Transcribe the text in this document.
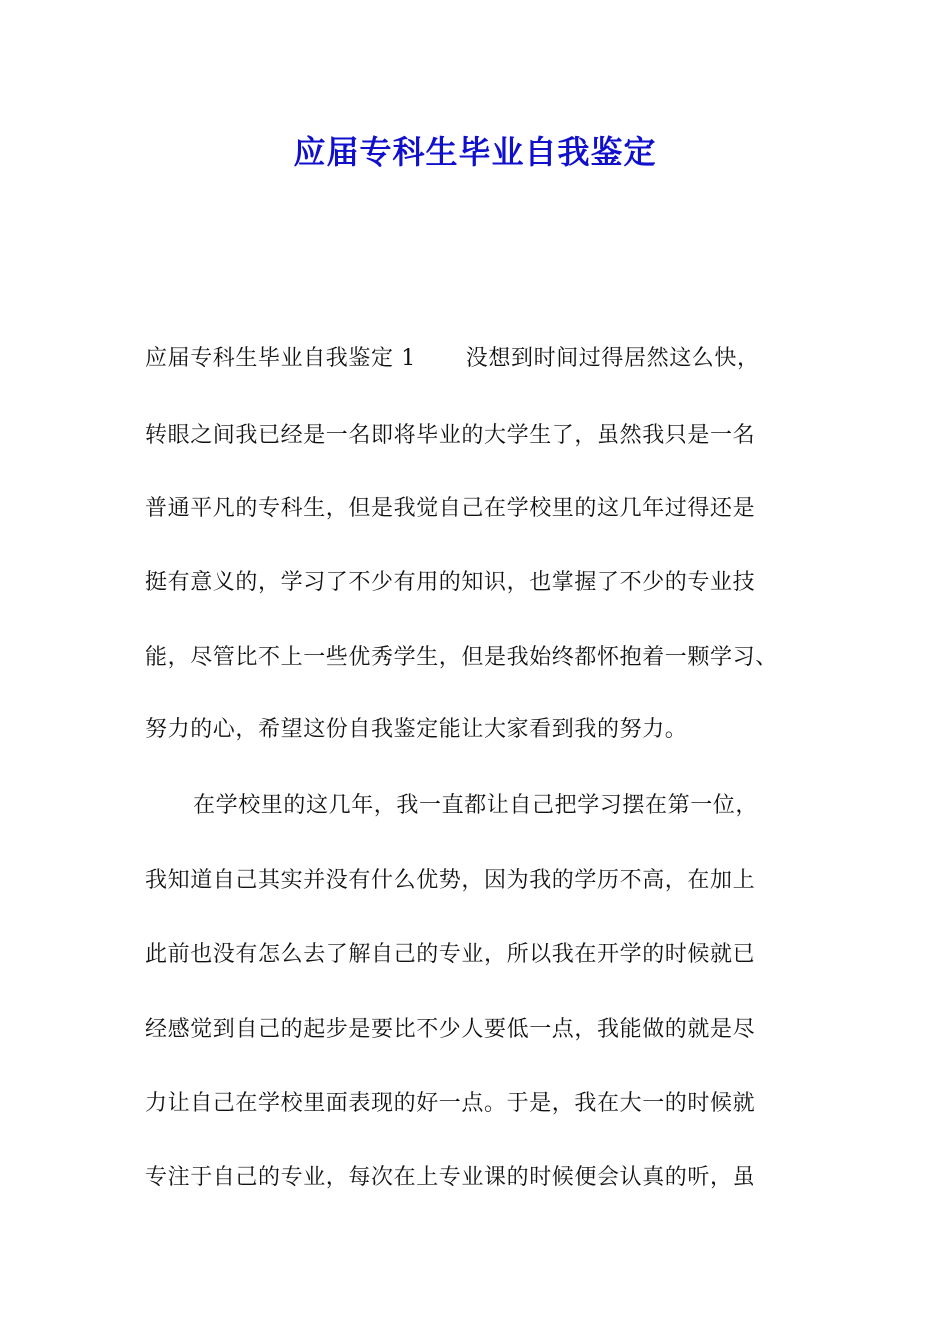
应届专科生毕业自我鉴定
应届专科生毕业自我鉴定 1 没想到时间过得居然这么快，
转眼之间我已经是一名即将毕业的大学生了，虽然我只是一名
普通平凡的专科生，但是我觉自己在学校里的这几年过得还是
挺有意义的，学习了不少有用的知识，也掌握了不少的专业技
能，尽管比不上一些优秀学生，但是我始终都怀抱着一颗学习、
努力的心，希望这份自我鉴定能让大家看到我的努力。
在学校里的这几年，我一直都让自己把学习摆在第一位，
我知道自己其实并没有什么优势，因为我的学历不高，在加上
此前也没有怎么去了解自己的专业，所以我在开学的时候就已
经感觉到自己的起步是要比不少人要低一点，我能做的就是尽
力让自己在学校里面表现的好一点。于是，我在大一的时候就
专注于自己的专业，每次在上专业课的时候便会认真的听，虽
